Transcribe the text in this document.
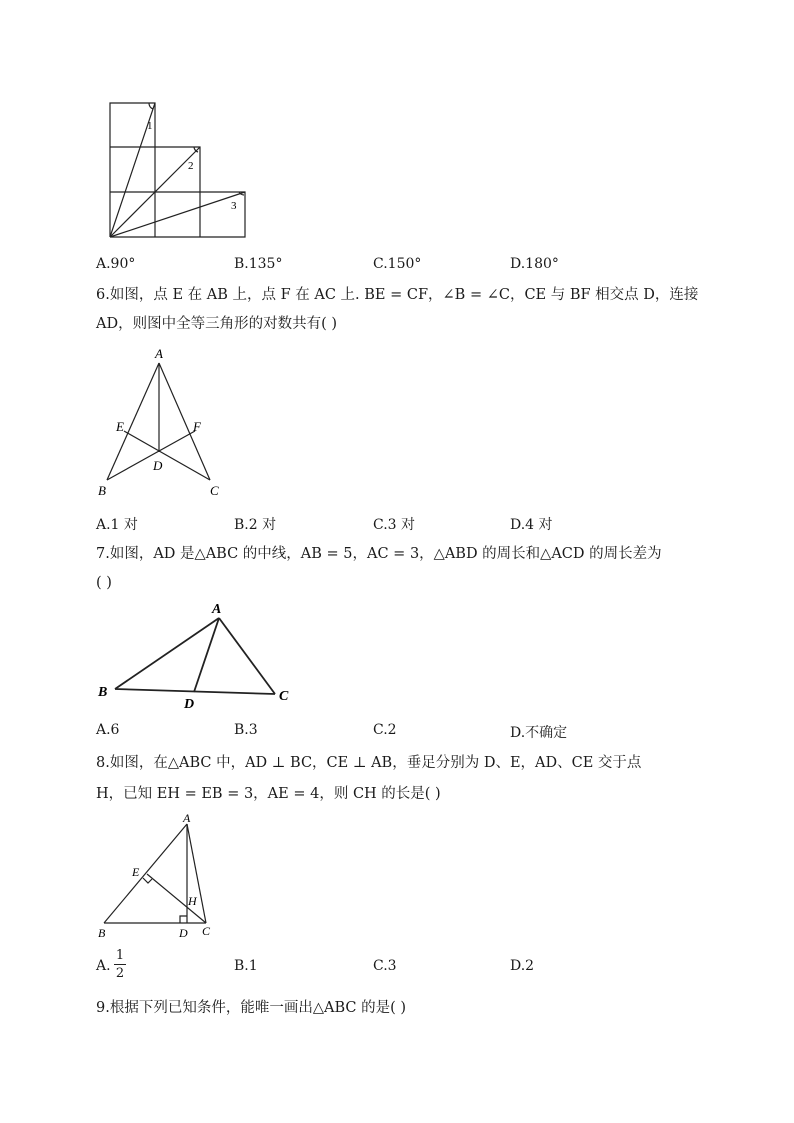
1
2
3
A.90°	B.135°	C.150°	D.180°
6.如图，点 E 在 AB 上，点 F 在 AC 上. BE = CF，∠B = ∠C，CE 与 BF 相交点 D，连接
AD，则图中全等三角形的对数共有( )
A
E	F
D
B	C
A.1 对	B.2 对	C.3 对	D.4 对
7.如图，AD 是△ABC 的中线，AB = 5，AC = 3，△ABD 的周长和△ACD 的周长差为
( )
A
B
D
C
A.6	B.3	C.2	D.不确定
8.如图，在△ABC 中，AD ⊥ BC，CE ⊥ AB，垂足分别为 D、E，AD、CE 交于点
H，已知 EH = EB = 3，AE = 4，则 CH 的长是( )
A
E
H
B	D C
A.
1
2	B.1	C.3	D.2
9.根据下列已知条件，能唯一画出△ABC 的是( )
